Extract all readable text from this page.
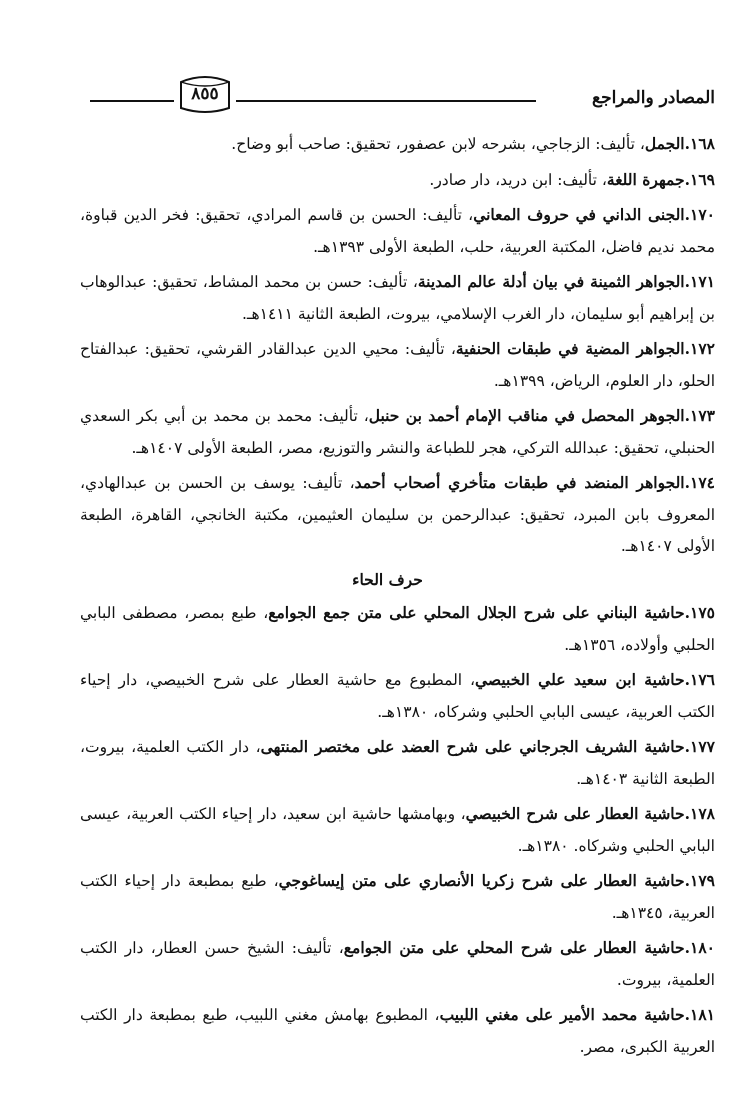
المصادر والمراجع
٨٥٥

١٦٨.الجمل، تأليف: الزجاجي، بشرحه لابن عصفور، تحقيق: صاحب أبو وضاح.

١٦٩.جمهرة اللغة، تأليف: ابن دريد، دار صادر.

١٧٠.الجنى الداني في حروف المعاني، تأليف: الحسن بن قاسم المرادي، تحقيق: فخر الدين قباوة، محمد نديم فاضل، المكتبة العربية، حلب، الطبعة الأولى ١٣٩٣هـ.

١٧١.الجواهر الثمينة في بيان أدلة عالم المدينة، تأليف: حسن بن محمد المشاط، تحقيق: عبدالوهاب بن إبراهيم أبو سليمان، دار الغرب الإسلامي، بيروت، الطبعة الثانية ١٤١١هـ.

١٧٢.الجواهر المضية في طبقات الحنفية، تأليف: محيي الدين عبدالقادر القرشي، تحقيق: عبدالفتاح الحلو، دار العلوم، الرياض، ١٣٩٩هـ.

١٧٣.الجوهر المحصل في مناقب الإمام أحمد بن حنبل، تأليف: محمد بن محمد بن أبي بكر السعدي الحنبلي، تحقيق: عبدالله التركي، هجر للطباعة والنشر والتوزيع، مصر، الطبعة الأولى ١٤٠٧هـ.

١٧٤.الجواهر المنضد في طبقات متأخري أصحاب أحمد، تأليف: يوسف بن الحسن بن عبدالهادي، المعروف بابن المبرد، تحقيق: عبدالرحمن بن سليمان العثيمين، مكتبة الخانجي، القاهرة، الطبعة الأولى ١٤٠٧هـ.

حرف الحاء

١٧٥.حاشية البناني على شرح الجلال المحلي على متن جمع الجوامع، طبع بمصر، مصطفى البابي الحلبي وأولاده، ١٣٥٦هـ.

١٧٦.حاشية ابن سعيد علي الخبيصي، المطبوع مع حاشية العطار على شرح الخبيصي، دار إحياء الكتب العربية، عيسى البابي الحلبي وشركاه، ١٣٨٠هـ.

١٧٧.حاشية الشريف الجرجاني على شرح العضد على مختصر المنتهى، دار الكتب العلمية، بيروت، الطبعة الثانية ١٤٠٣هـ.

١٧٨.حاشية العطار على شرح الخبيصي، وبهامشها حاشية ابن سعيد، دار إحياء الكتب العربية، عيسى البابي الحلبي وشركاه. ١٣٨٠هـ.

١٧٩.حاشية العطار على شرح زكريا الأنصاري على متن إيساغوجي، طبع بمطبعة دار إحياء الكتب العربية، ١٣٤٥هـ.

١٨٠.حاشية العطار على شرح المحلي على متن الجوامع، تأليف: الشيخ حسن العطار، دار الكتب العلمية، بيروت.

١٨١.حاشية محمد الأمير على مغني اللبيب، المطبوع بهامش مغني اللبيب، طبع بمطبعة دار الكتب العربية الكبرى، مصر.
